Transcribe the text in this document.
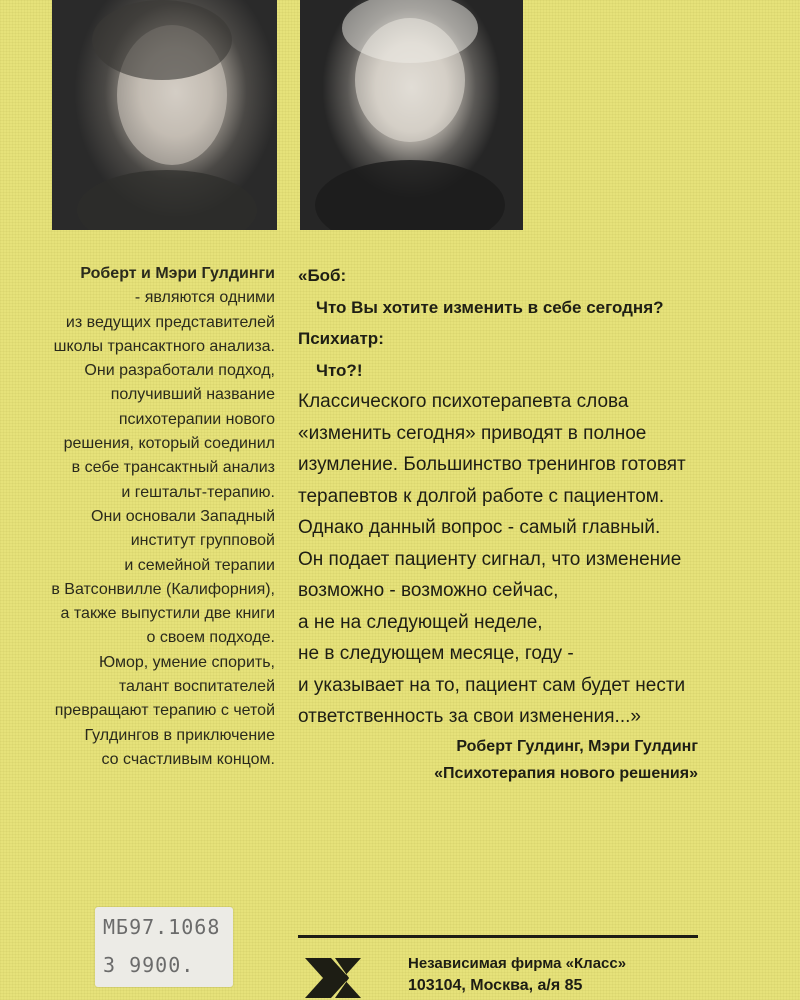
Роберт и Мэри Гулдинги
- являются одними
из ведущих представителей
школы трансактного анализа.
Они разработали подход,
получивший название
психотерапии нового
решения, который соединил
в себе трансактный анализ
и гештальт-терапию.
Они основали Западный
институт групповой
и семейной терапии
в Ватсонвилле (Калифорния),
а также выпустили две книги
о своем подходе.
Юмор, умение спорить,
талант воспитателей
превращают терапию с четой
Гулдингов в приключение
со счастливым концом.
«Боб:
Что Вы хотите изменить в себе сегодня?
Психиатр:
Что?!
Классического психотерапевта слова
«изменить сегодня» приводят в полное
изумление. Большинство тренингов готовят
терапевтов к долгой работе с пациентом.
Однако данный вопрос - самый главный.
Он подает пациенту сигнал, что изменение
возможно - возможно сейчас,
а не на следующей неделе,
не в следующем месяце, году -
и указывает на то, пациент сам будет нести
ответственность за свои изменения...»
Роберт Гулдинг, Мэри Гулдинг
«Психотерапия нового решения»
МБ97.1068
3 9900.	Независимая фирма «Класс»
103104, Москва, а/я 85
